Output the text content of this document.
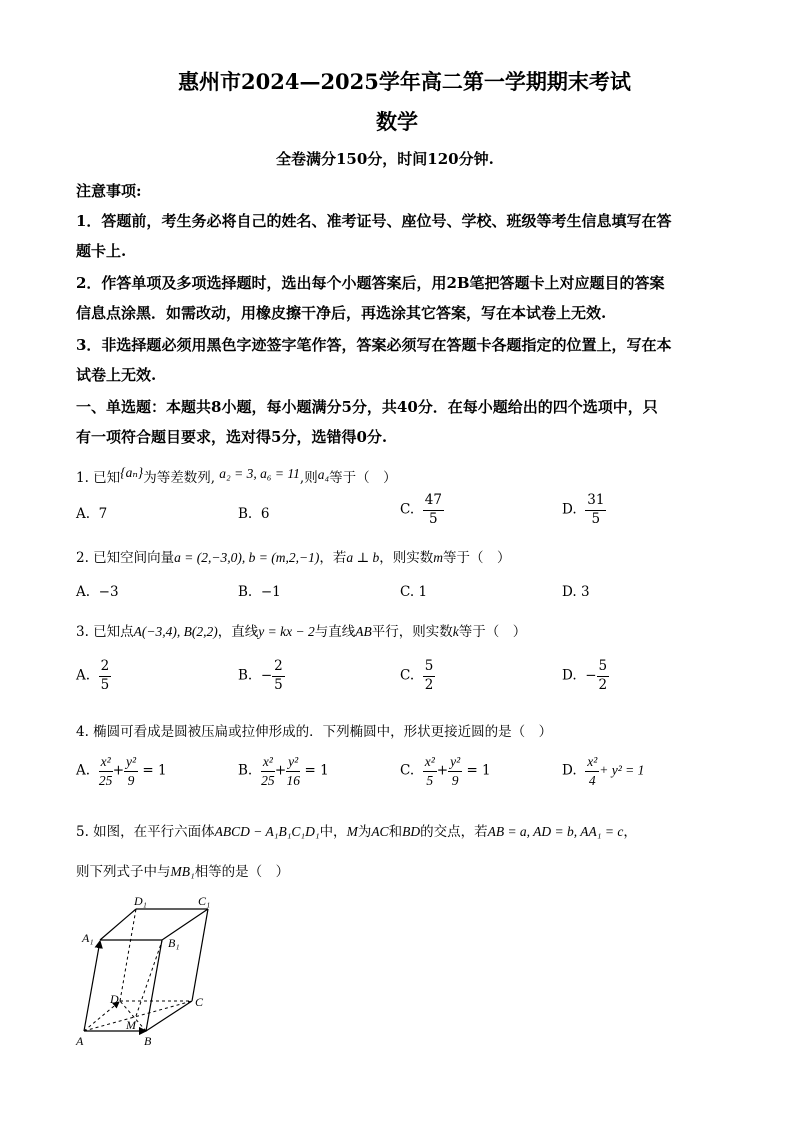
惠州市2024—2025学年高二第一学期期末考试
数学
全卷满分150分，时间120分钟.
注意事项:
1．答题前，考生务必将自己的姓名、准考证号、座位号、学校、班级等考生信息填写在答
题卡上.
2．作答单项及多项选择题时，选出每个小题答案后，用2B笔把答题卡上对应题目的答案
信息点涂黑．如需改动，用橡皮擦干净后，再选涂其它答案，写在本试卷上无效.
3．非选择题必须用黑色字迹签字笔作答，答案必须写在答题卡各题指定的位置上，写在本
试卷上无效.
一、单选题：本题共8小题，每小题满分5分，共40分．在每小题给出的四个选项中，只
有一项符合题目要求，选对得5分，选错得0分.
1. 已知{aₙ}为等差数列, a₂ = 3, a₆ = 11,则a₄等于（　）
A. 7	B. 6	C. $\frac{47}{5}$	D. $\frac{31}{5}$
2. 已知空间向量a = (2,−3,0), b = (m,2,−1)，若a ⊥ b，则实数m等于（　）
A. −3	B. −1	C. 1	D. 3
3. 已知点A(−3,4), B(2,2)，直线y = kx − 2与直线AB平行，则实数k等于（　）
A. $\frac{2}{5}$	B. − $\frac{2}{5}$	C. $\frac{5}{2}$	D. − $\frac{5}{2}$
4. 椭圆可看成是圆被压扁或拉伸形成的．下列椭圆中，形状更接近圆的是（　）
A. $\frac{\text{x²}}{25} + \frac{\text{y²}}{9} = 1$	B. $\frac{\text{x²}}{25} + \frac{\text{y²}}{16} = 1$	C. $\frac{\text{x²}}{5} + \frac{\text{y²}}{9} = 1$	D. $\frac{\text{x²}}{4} + y^2 = 1$
5. 如图，在平行六面体ABCD − A₁B₁C₁D₁中，M为AC和BD的交点，若AB = a, AD = b, AA₁ = c，
则下列式子中与MB₁相等的是（　）
D₁	C₁
A₁	B₁
D	C
M
A	B
